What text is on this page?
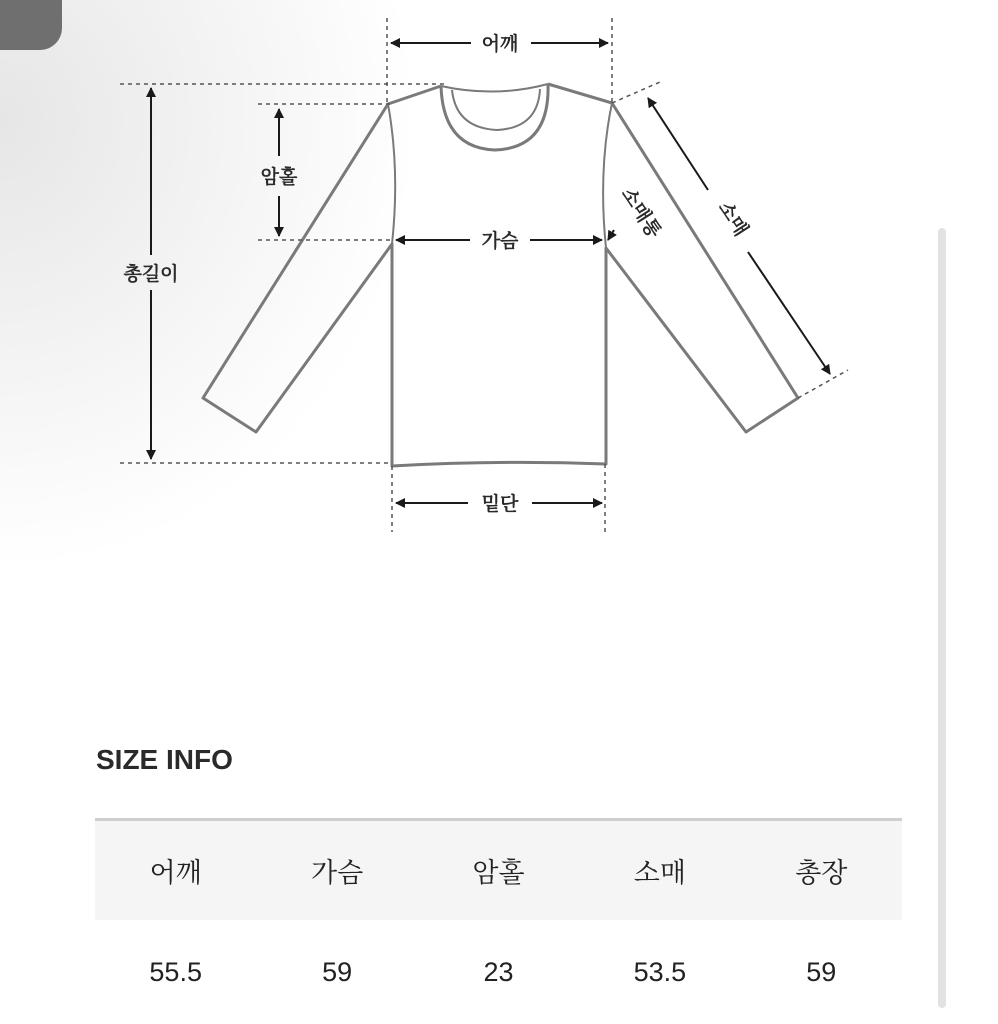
어깨
암홀
총길이
가슴
밑단
소매
소매통
SIZE INFO
어깨	가슴	암홀	소매	총장
55.5	59	23	53.5	59
